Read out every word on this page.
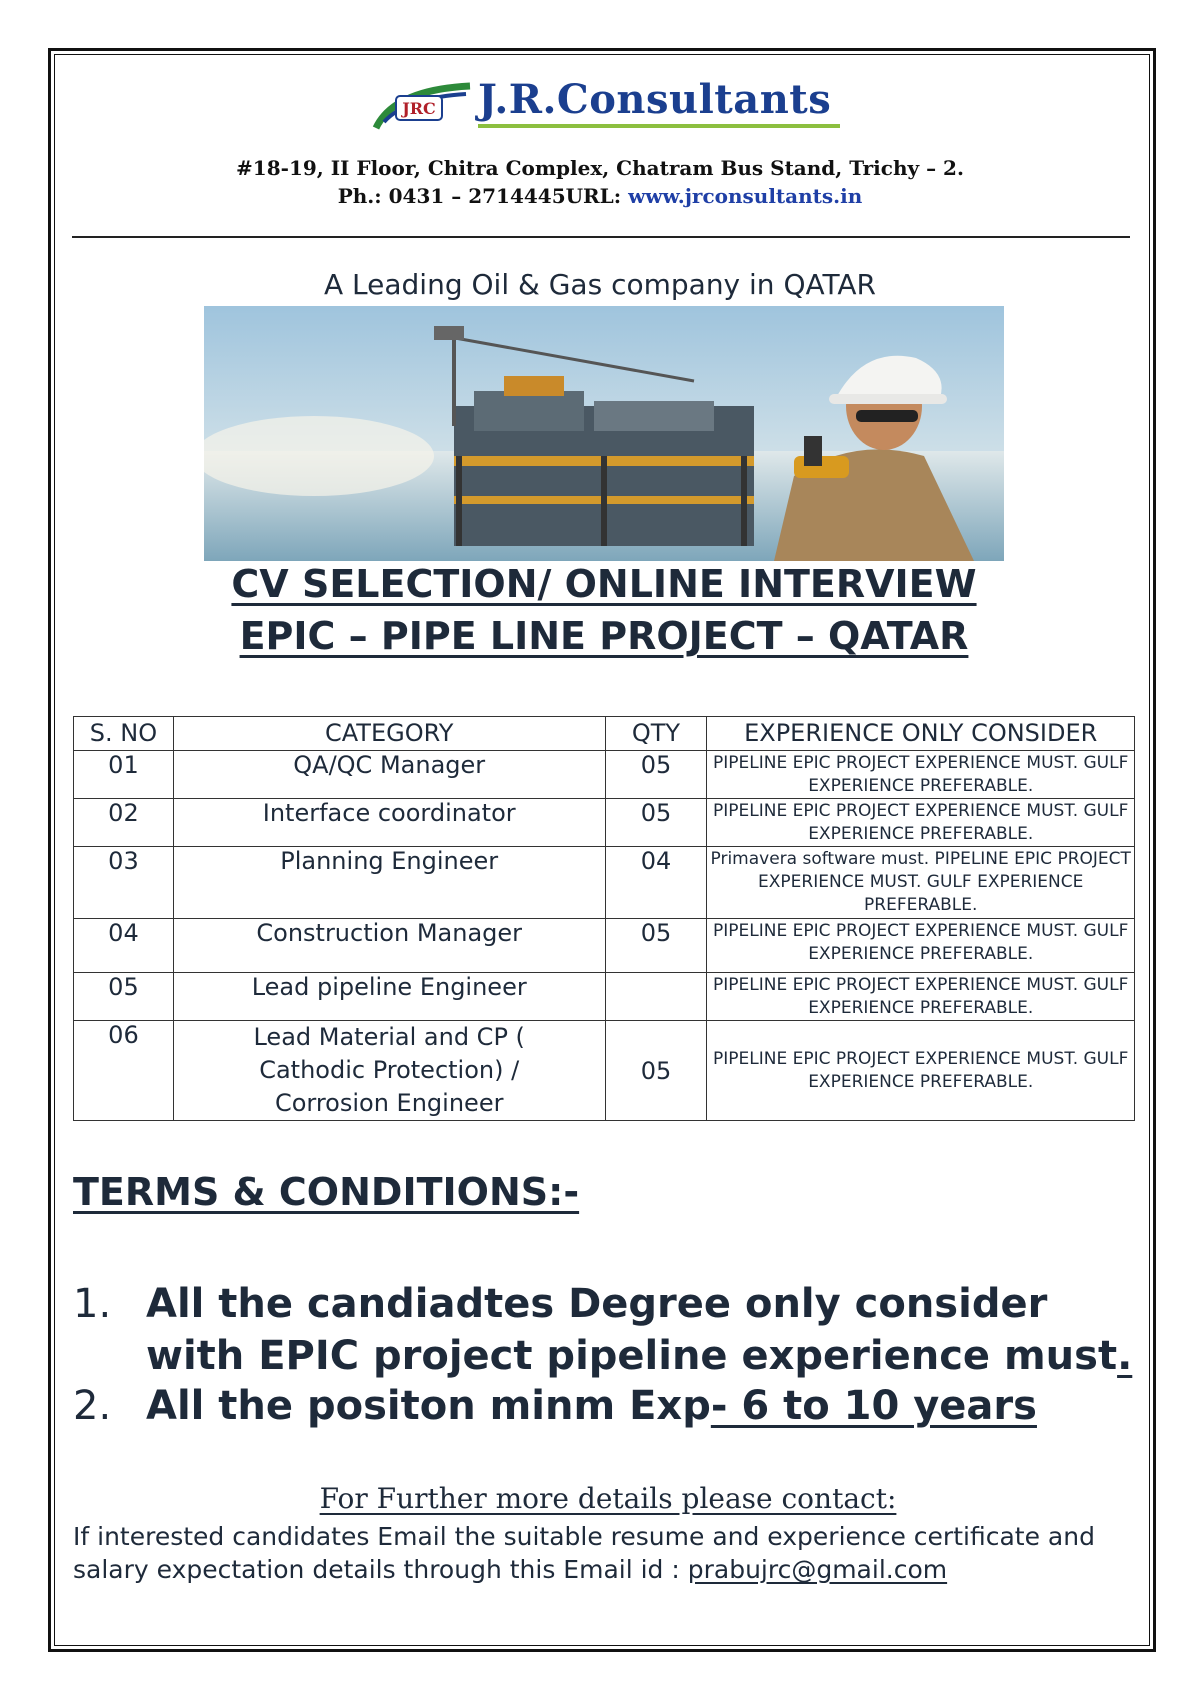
JRC J.R.Consultants
#18-19, II Floor, Chitra Complex, Chatram Bus Stand, Trichy – 2.
Ph.: 0431 – 2714445URL: www.jrconsultants.in
A Leading Oil & Gas company in QATAR
CV SELECTION/ ONLINE INTERVIEW
EPIC – PIPE LINE PROJECT – QATAR
S. NO	CATEGORY	QTY	EXPERIENCE ONLY CONSIDER
01	QA/QC Manager	05	PIPELINE EPIC PROJECT EXPERIENCE MUST. GULF EXPERIENCE PREFERABLE.
02	Interface coordinator	05	PIPELINE EPIC PROJECT EXPERIENCE MUST. GULF EXPERIENCE PREFERABLE.
03	Planning Engineer	04	Primavera software must. PIPELINE EPIC PROJECT EXPERIENCE MUST. GULF EXPERIENCE PREFERABLE.
04	Construction Manager	05	PIPELINE EPIC PROJECT EXPERIENCE MUST. GULF EXPERIENCE PREFERABLE.
05	Lead pipeline Engineer		PIPELINE EPIC PROJECT EXPERIENCE MUST. GULF EXPERIENCE PREFERABLE.
06	Lead Material and CP ( Cathodic Protection) / Corrosion Engineer	05	PIPELINE EPIC PROJECT EXPERIENCE MUST. GULF EXPERIENCE PREFERABLE.
TERMS & CONDITIONS:-
1. All the candiadtes Degree only consider with EPIC project pipeline experience must.
2. All the positon minm Exp- 6 to 10 years
For Further more details please contact:
If interested candidates Email the suitable resume and experience certificate and salary expectation details through this Email id : prabujrc@gmail.com
